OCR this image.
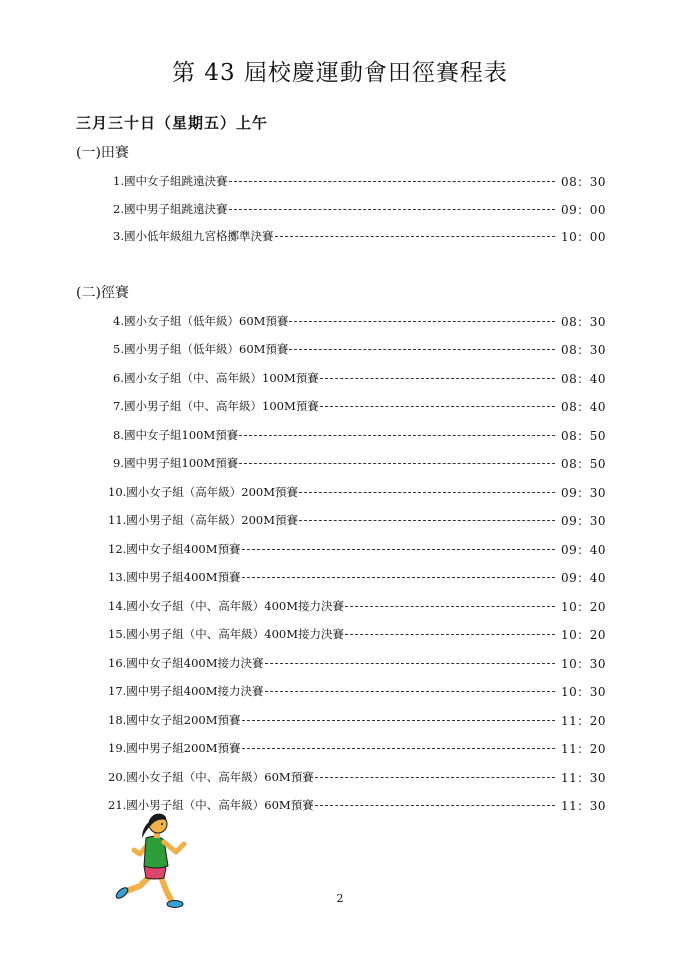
第 43 屆校慶運動會田徑賽程表
三月三十日（星期五）上午
(一)田賽
1. 國中女子組跳遠決賽	08：30
2. 國中男子組跳遠決賽	09：00
3. 國小低年級組九宮格擲準決賽	10：00
(二)徑賽
4. 國小女子組（低年級）60M預賽	08：30
5. 國小男子組（低年級）60M預賽	08：30
6. 國小女子組（中、高年級）100M預賽	08：40
7. 國小男子組（中、高年級）100M預賽	08：40
8. 國中女子組100M預賽	08：50
9. 國中男子組100M預賽	08：50
10. 國小女子組（高年級）200M預賽	09：30
11. 國小男子組（高年級）200M預賽	09：30
12. 國中女子組400M預賽	09：40
13. 國中男子組400M預賽	09：40
14. 國小女子組（中、高年級）400M接力決賽	10：20
15. 國小男子組（中、高年級）400M接力決賽	10：20
16. 國中女子組400M接力決賽	10：30
17. 國中男子組400M接力決賽	10：30
18. 國中女子組200M預賽	11：20
19. 國中男子組200M預賽	11：20
20. 國小女子組（中、高年級）60M預賽	11：30
21. 國小男子組（中、高年級）60M預賽	11：30
2
